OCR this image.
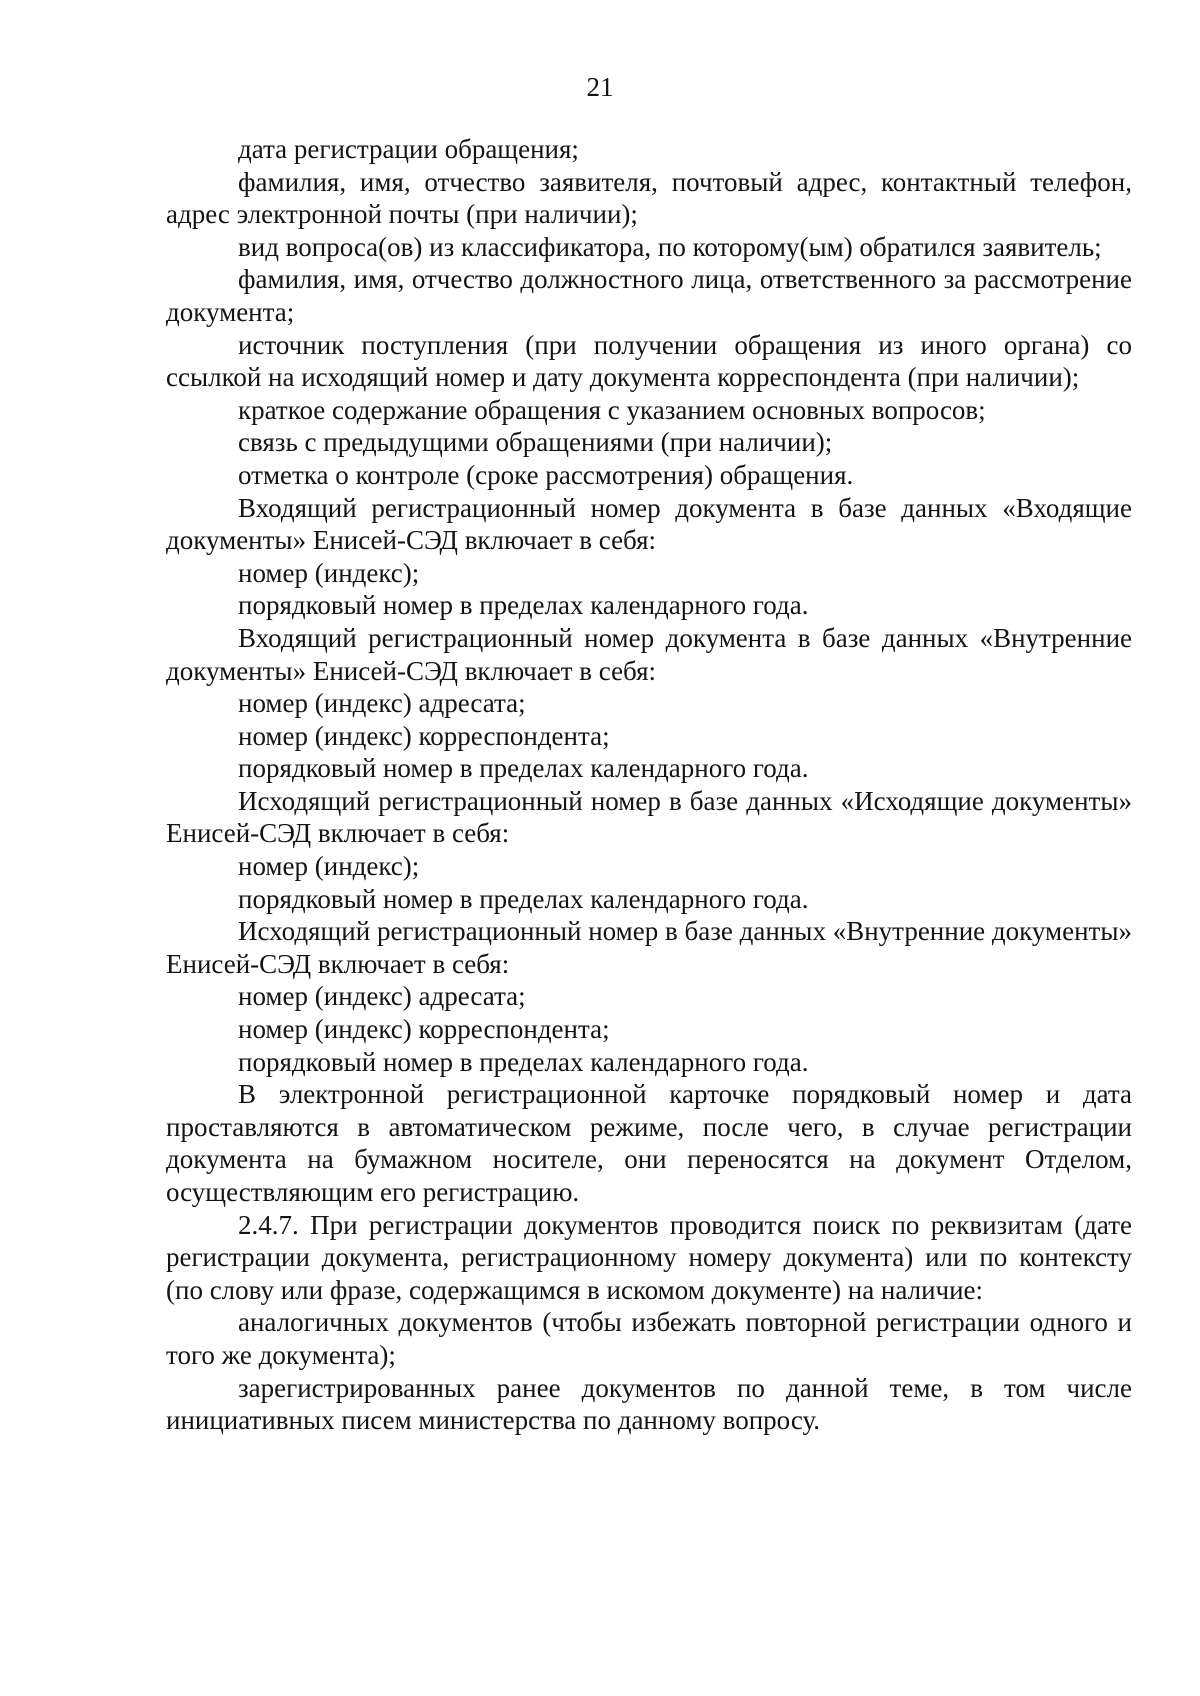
21

дата регистрации обращения;

фамилия, имя, отчество заявителя, почтовый адрес, контактный телефон, адрес электронной почты (при наличии);

вид вопроса(ов) из классификатора, по которому(ым) обратился заявитель;

фамилия, имя, отчество должностного лица, ответственного за рассмотрение документа;

источник поступления (при получении обращения из иного органа) со ссылкой на исходящий номер и дату документа корреспондента (при наличии);

краткое содержание обращения с указанием основных вопросов;

связь с предыдущими обращениями (при наличии);

отметка о контроле (сроке рассмотрения) обращения.

Входящий регистрационный номер документа в базе данных «Входящие документы» Енисей-СЭД включает в себя:

номер (индекс);

порядковый номер в пределах календарного года.

Входящий регистрационный номер документа в базе данных «Внутренние документы» Енисей-СЭД включает в себя:

номер (индекс) адресата;

номер (индекс) корреспондента;

порядковый номер в пределах календарного года.

Исходящий регистрационный номер в базе данных «Исходящие документы» Енисей-СЭД включает в себя:

номер (индекс);

порядковый номер в пределах календарного года.

Исходящий регистрационный номер в базе данных «Внутренние документы» Енисей-СЭД включает в себя:

номер (индекс) адресата;

номер (индекс) корреспондента;

порядковый номер в пределах календарного года.

В электронной регистрационной карточке порядковый номер и дата проставляются в автоматическом режиме, после чего, в случае регистрации документа на бумажном носителе, они переносятся на документ Отделом, осуществляющим его регистрацию.

2.4.7. При регистрации документов проводится поиск по реквизитам (дате регистрации документа, регистрационному номеру документа) или по контексту (по слову или фразе, содержащимся в искомом документе) на наличие:

аналогичных документов (чтобы избежать повторной регистрации одного и того же документа);

зарегистрированных ранее документов по данной теме, в том числе инициативных писем министерства по данному вопросу.
